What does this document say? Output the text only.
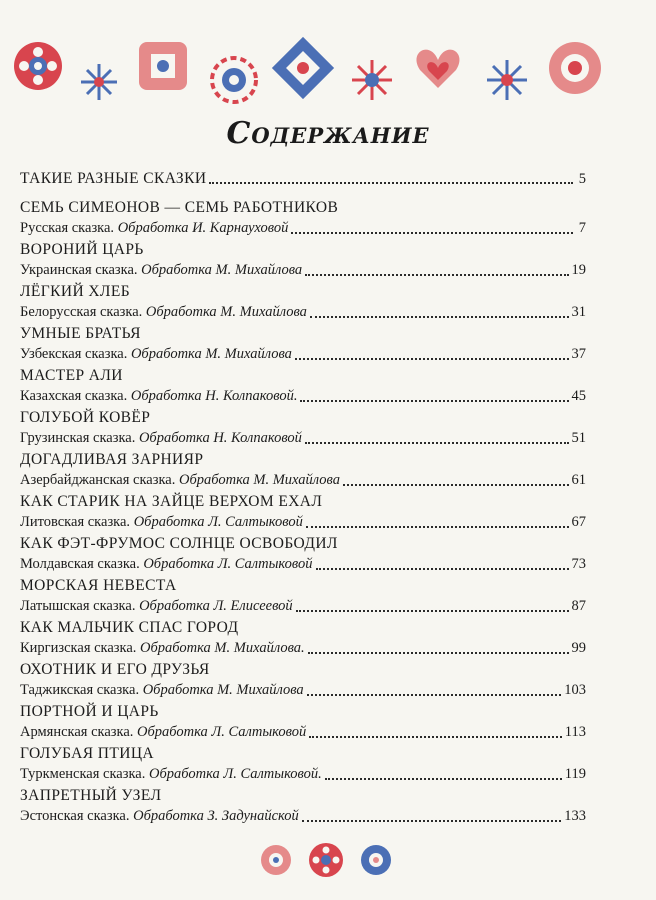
Содержание
ТАКИЕ РАЗНЫЕ СКАЗКИ	5
СЕМЬ СИМЕОНОВ — СЕМЬ РАБОТНИКОВ
Русская сказка. Обработка И. Карнауховой	7
ВОРОНИЙ ЦАРЬ
Украинская сказка. Обработка М. Михайлова	19
ЛЁГКИЙ ХЛЕБ
Белорусская сказка. Обработка М. Михайлова	31
УМНЫЕ БРАТЬЯ
Узбекская сказка. Обработка М. Михайлова	37
МАСТЕР АЛИ
Казахская сказка. Обработка Н. Колпаковой.	45
ГОЛУБОЙ КОВЁР
Грузинская сказка. Обработка Н. Колпаковой	51
ДОГАДЛИВАЯ ЗАРНИЯР
Азербайджанская сказка. Обработка М. Михайлова	61
КАК СТАРИК НА ЗАЙЦЕ ВЕРХОМ ЕХАЛ
Литовская сказка. Обработка Л. Салтыковой	67
КАК ФЭТ-ФРУМОС СОЛНЦЕ ОСВОБОДИЛ
Молдавская сказка. Обработка Л. Салтыковой	73
МОРСКАЯ НЕВЕСТА
Латышская сказка. Обработка Л. Елисеевой	87
КАК МАЛЬЧИК СПАС ГОРОД
Киргизская сказка. Обработка М. Михайлова.	99
ОХОТНИК И ЕГО ДРУЗЬЯ
Таджикская сказка. Обработка М. Михайлова	103
ПОРТНОЙ И ЦАРЬ
Армянская сказка. Обработка Л. Салтыковой	113
ГОЛУБАЯ ПТИЦА
Туркменская сказка. Обработка Л. Салтыковой.	119
ЗАПРЕТНЫЙ УЗЕЛ
Эстонская сказка. Обработка З. Задунайской	133
